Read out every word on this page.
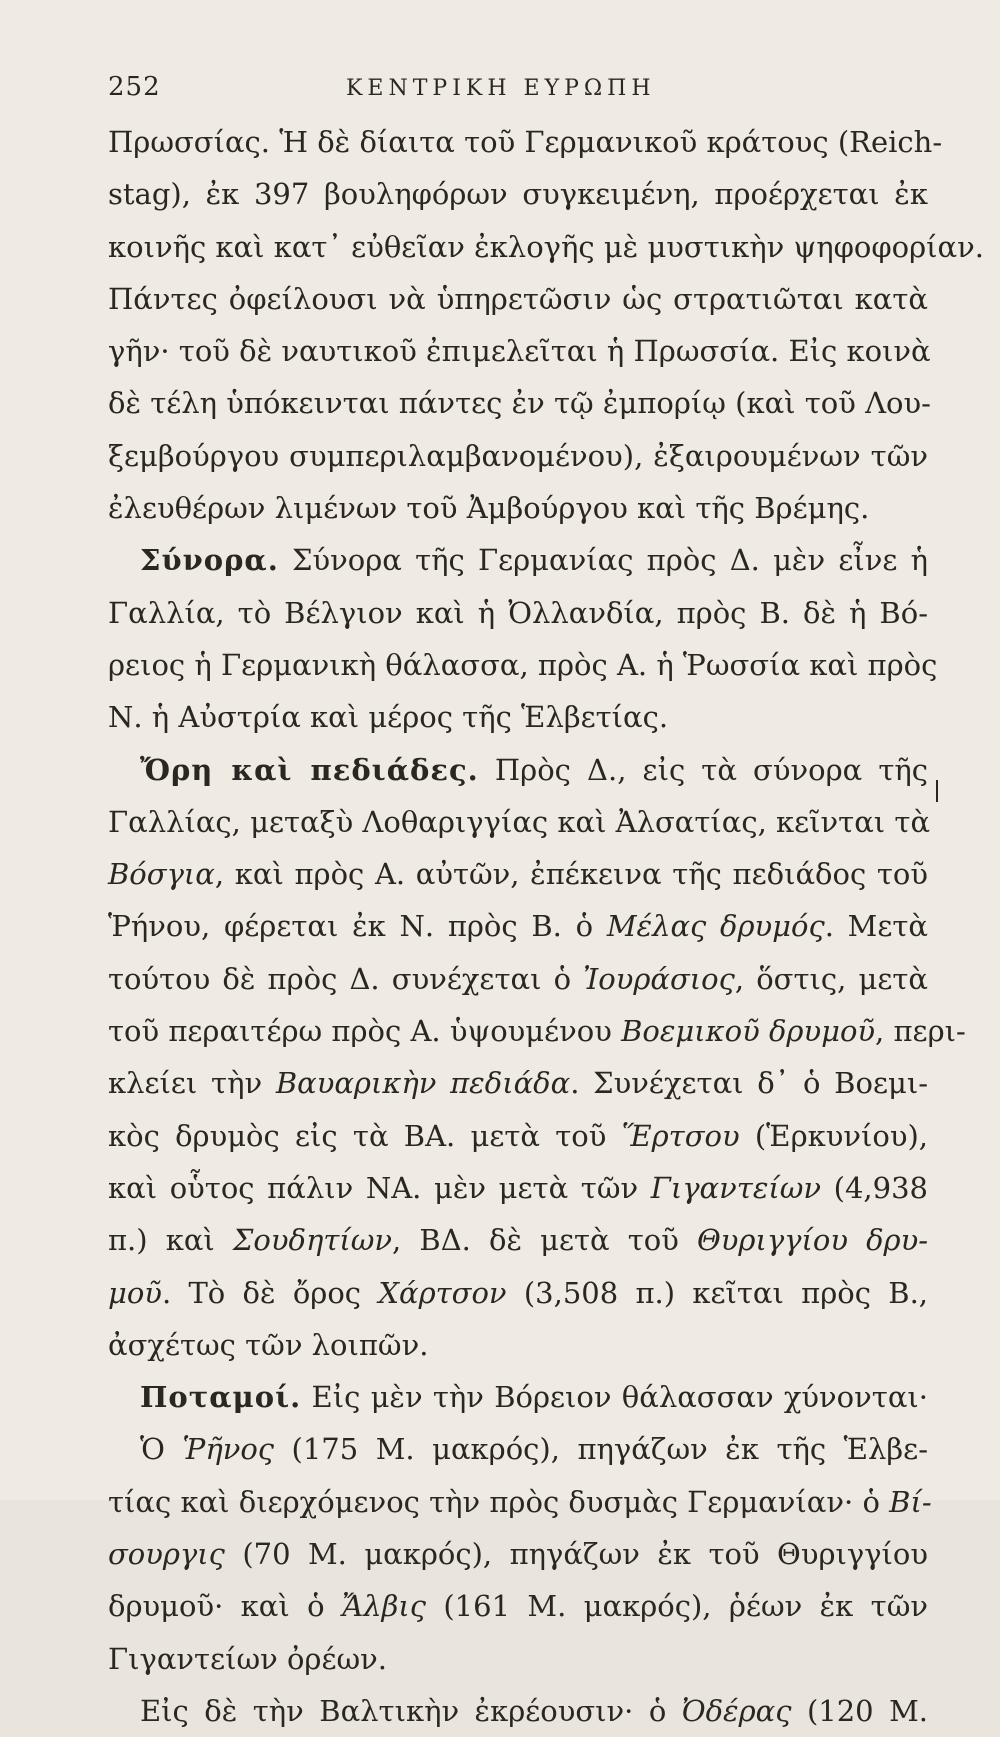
252	ΚΕΝΤΡΙΚΗ ΕΥΡΩΠΗ
Πρωσσίας. Ἡ δὲ δίαιτα τοῦ Γερμανικοῦ κράτους (Reich-
stag), ἐκ 397 βουληφόρων συγκειμένη, προέρχεται ἐκ
κοινῆς καὶ κατ᾽ εὐθεῖαν ἐκλογῆς μὲ μυστικὴν ψηφοφορίαν.
Πάντες ὀφείλουσι νὰ ὑπηρετῶσιν ὡς στρατιῶται κατὰ
γῆν· τοῦ δὲ ναυτικοῦ ἐπιμελεῖται ἡ Πρωσσία. Εἰς κοινὰ
δὲ τέλη ὑπόκεινται πάντες ἐν τῷ ἐμπορίῳ (καὶ τοῦ Λου-
ξεμβούργου συμπεριλαμβανομένου), ἐξαιρουμένων τῶν
ἐλευθέρων λιμένων τοῦ Ἀμβούργου καὶ τῆς Βρέμης.
Σύνορα. Σύνορα τῆς Γερμανίας πρὸς Δ. μὲν εἶνε ἡ
Γαλλία, τὸ Βέλγιον καὶ ἡ Ὀλλανδία, πρὸς Β. δὲ ἡ Βό-
ρειος ἡ Γερμανικὴ θάλασσα, πρὸς Α. ἡ Ῥωσσία καὶ πρὸς
Ν. ἡ Αὐστρία καὶ μέρος τῆς Ἑλβετίας.
Ὄρη καὶ πεδιάδες. Πρὸς Δ., εἰς τὰ σύνορα τῆς
Γαλλίας, μεταξὺ Λοθαριγγίας καὶ Ἀλσατίας, κεῖνται τὰ
Βόσγια, καὶ πρὸς Α. αὐτῶν, ἐπέκεινα τῆς πεδιάδος τοῦ
Ῥήνου, φέρεται ἐκ Ν. πρὸς Β. ὁ Μέλας δρυμός. Μετὰ
τούτου δὲ πρὸς Δ. συνέχεται ὁ Ἰουράσιος, ὅστις, μετὰ
τοῦ περαιτέρω πρὸς Α. ὑψουμένου Βοεμικοῦ δρυμοῦ, περι-
κλείει τὴν Βαυαρικὴν πεδιάδα. Συνέχεται δ᾽ ὁ Βοεμι-
κὸς δρυμὸς εἰς τὰ ΒΑ. μετὰ τοῦ Ἕρτσου (Ἑρκυνίου),
καὶ οὗτος πάλιν ΝΑ. μὲν μετὰ τῶν Γιγαντείων (4,938
π.) καὶ Σουδητίων, ΒΔ. δὲ μετὰ τοῦ Θυριγγίου δρυ-
μοῦ. Τὸ δὲ ὄρος Χάρτσον (3,508 π.) κεῖται πρὸς Β.,
ἀσχέτως τῶν λοιπῶν.
Ποταμοί. Εἰς μὲν τὴν Βόρειον θάλασσαν χύνονται·
Ὁ Ῥῆνος (175 Μ. μακρός), πηγάζων ἐκ τῆς Ἑλβε-
τίας καὶ διερχόμενος τὴν πρὸς δυσμὰς Γερμανίαν· ὁ Βί-
σουργις (70 Μ. μακρός), πηγάζων ἐκ τοῦ Θυριγγίου
δρυμοῦ· καὶ ὁ Ἄλβις (161 Μ. μακρός), ῥέων ἐκ τῶν
Γιγαντείων ὀρέων.
Εἰς δὲ τὴν Βαλτικὴν ἐκρέουσιν· ὁ Ὀδέρας (120 Μ.
